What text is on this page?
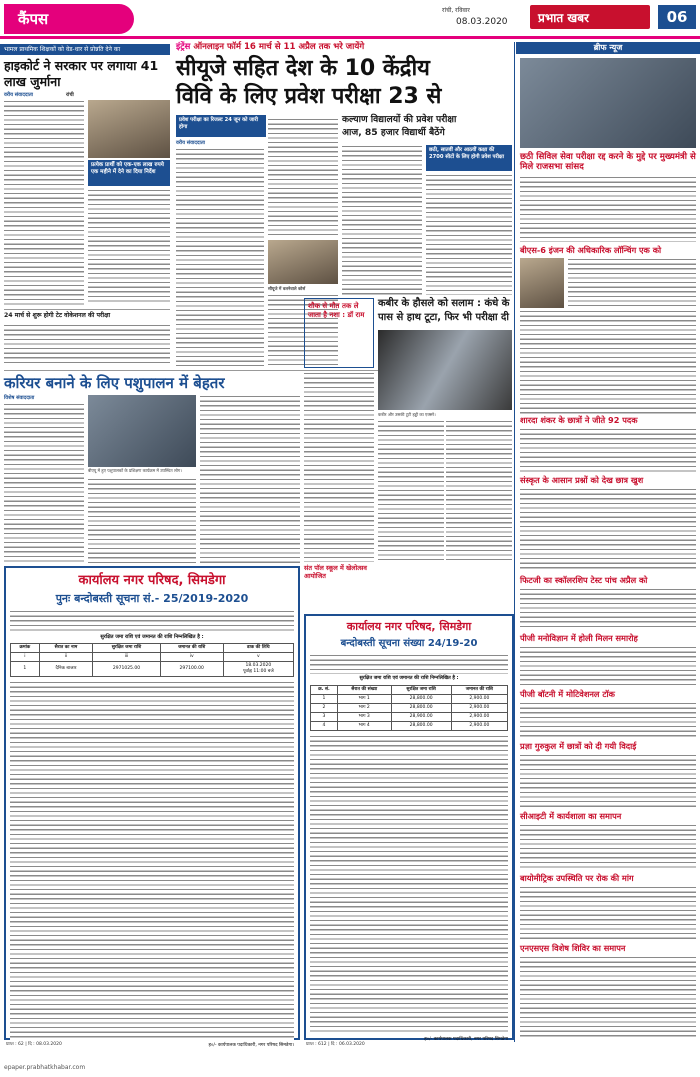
कैंपस	रांची, रविवार
08.03.2020	प्रभात खबर	06
भामल प्राथमिक शिक्षकों को वेड-धार से प्रोन्नति देने का
हाइकोर्ट ने सरकार पर लगाया 41 लाख जुर्माना
वरीय संवाददाता	रांची
प्रत्येक प्रार्थी को एक-एक लाख रुपये एक महीने में देने का दिया निर्देश
24 मार्च से शुरू होगी टेट वोकेशनल की परीक्षा
करियर बनाने के लिए पशुपालन में बेहतर
विशेष संवाददाता
बीएयू में हुए पशुपालकों के प्रशिक्षण कार्यक्रम में उपस्थित लोग।
इंट्रेंस ऑनलाइन फॉर्म 16 मार्च से 11 अप्रैल तक भरे जायेंगे
सीयूजे सहित देश के 10 केंद्रीय
विवि के लिए प्रवेश परीक्षा 23 से
प्रवेश परीक्षा का रिजल्ट 24 जून को जारी होगा
वरीय संवाददाता
सीयूजे में वलनेवाले कोर्स
कल्याण विद्यालयों की प्रवेश परीक्षा
आज, 85 हजार विद्यार्थी बैठेंगे
छठी, सातवीं और आठवीं कक्षा की 2700 सीटों के लिए होगी प्रवेश परीक्षा
शौक से मौत तक ले जाता है नशा : डॉ राम
कबीर के हौसले को सलाम : कंधे के
पास से हाथ टूटा, फिर भी परीक्षा दी
कबीर और उसकी टूटी हड्डी का एक्सरे।
संत पॉल स्कूल में खेलोत्सव आयोजित
कार्यालय नगर परिषद, सिमडेगा
पुनः बन्दोबस्ती सूचना सं.- 25/2019-2020
सुरक्षित जमा राशि एवं जमानत की राशि निम्नलिखित है :
क्रमांक	सैरात का नाम	सुरक्षित जमा राशि	जमानत की राशि	डाक की तिथि
i	ii	iii	iv	v
1	दैनिक बाजार	2971025.00	297100.00	18.03.2020
पूर्वाह्न 11:00 बजे
ह०/- कार्यपालक पदाधिकारी, नगर परिषद सिमडेगा।
कार्यालय नगर परिषद, सिमडेगा
बन्दोबस्ती सूचना संख्या 24/19-20
सुरक्षित जमा राशि एवं जमानत की राशि निम्नलिखित है :
क्र. सं.	सैरात की संख्या	सुरक्षित जमा राशि	जमानत की राशि
1	भाग 1	28,800.00	2,900.00
2	भाग 2	28,800.00	2,900.00
3	भाग 3	28,900.00	2,900.00
4	भाग 4	28,800.00	2,900.00
ह०/- कार्यपालक पदाधिकारी, नगर परिषद सिमडेगा
ब्रीफ न्यूज
छठी सिविल सेवा परीक्षा रद्द करने के मुद्दे पर मुख्यमंत्री से मिले राजसभा सांसद
बीएस-6 इंजन की अधिकारिक लॉन्चिंग एक को
शारदा शंकर के छात्रों ने जीते 92 पदक
संस्कृत के आसान प्रश्नों को देख छात्र खुश
फिटजी का स्कॉलरशिप टेस्ट पांच अप्रैल को
पीजी मनोविज्ञान में होली मिलन समारोह
पीजी बॉटनी में मोटिवेशनल टॉक
प्रज्ञा गुरुकुल में छात्रों को दी गयी विदाई
सीआइटी में कार्यशाला का समापन
बायोमीट्रिक उपस्थिति पर रोक की मांग
एनएसएस विशेष शिविर का समापन
प्राप्त : 62 | दि : 08.03.2020	प्राप्त : 612 | दि : 06.03.2020
epaper.prabhatkhabar.com
